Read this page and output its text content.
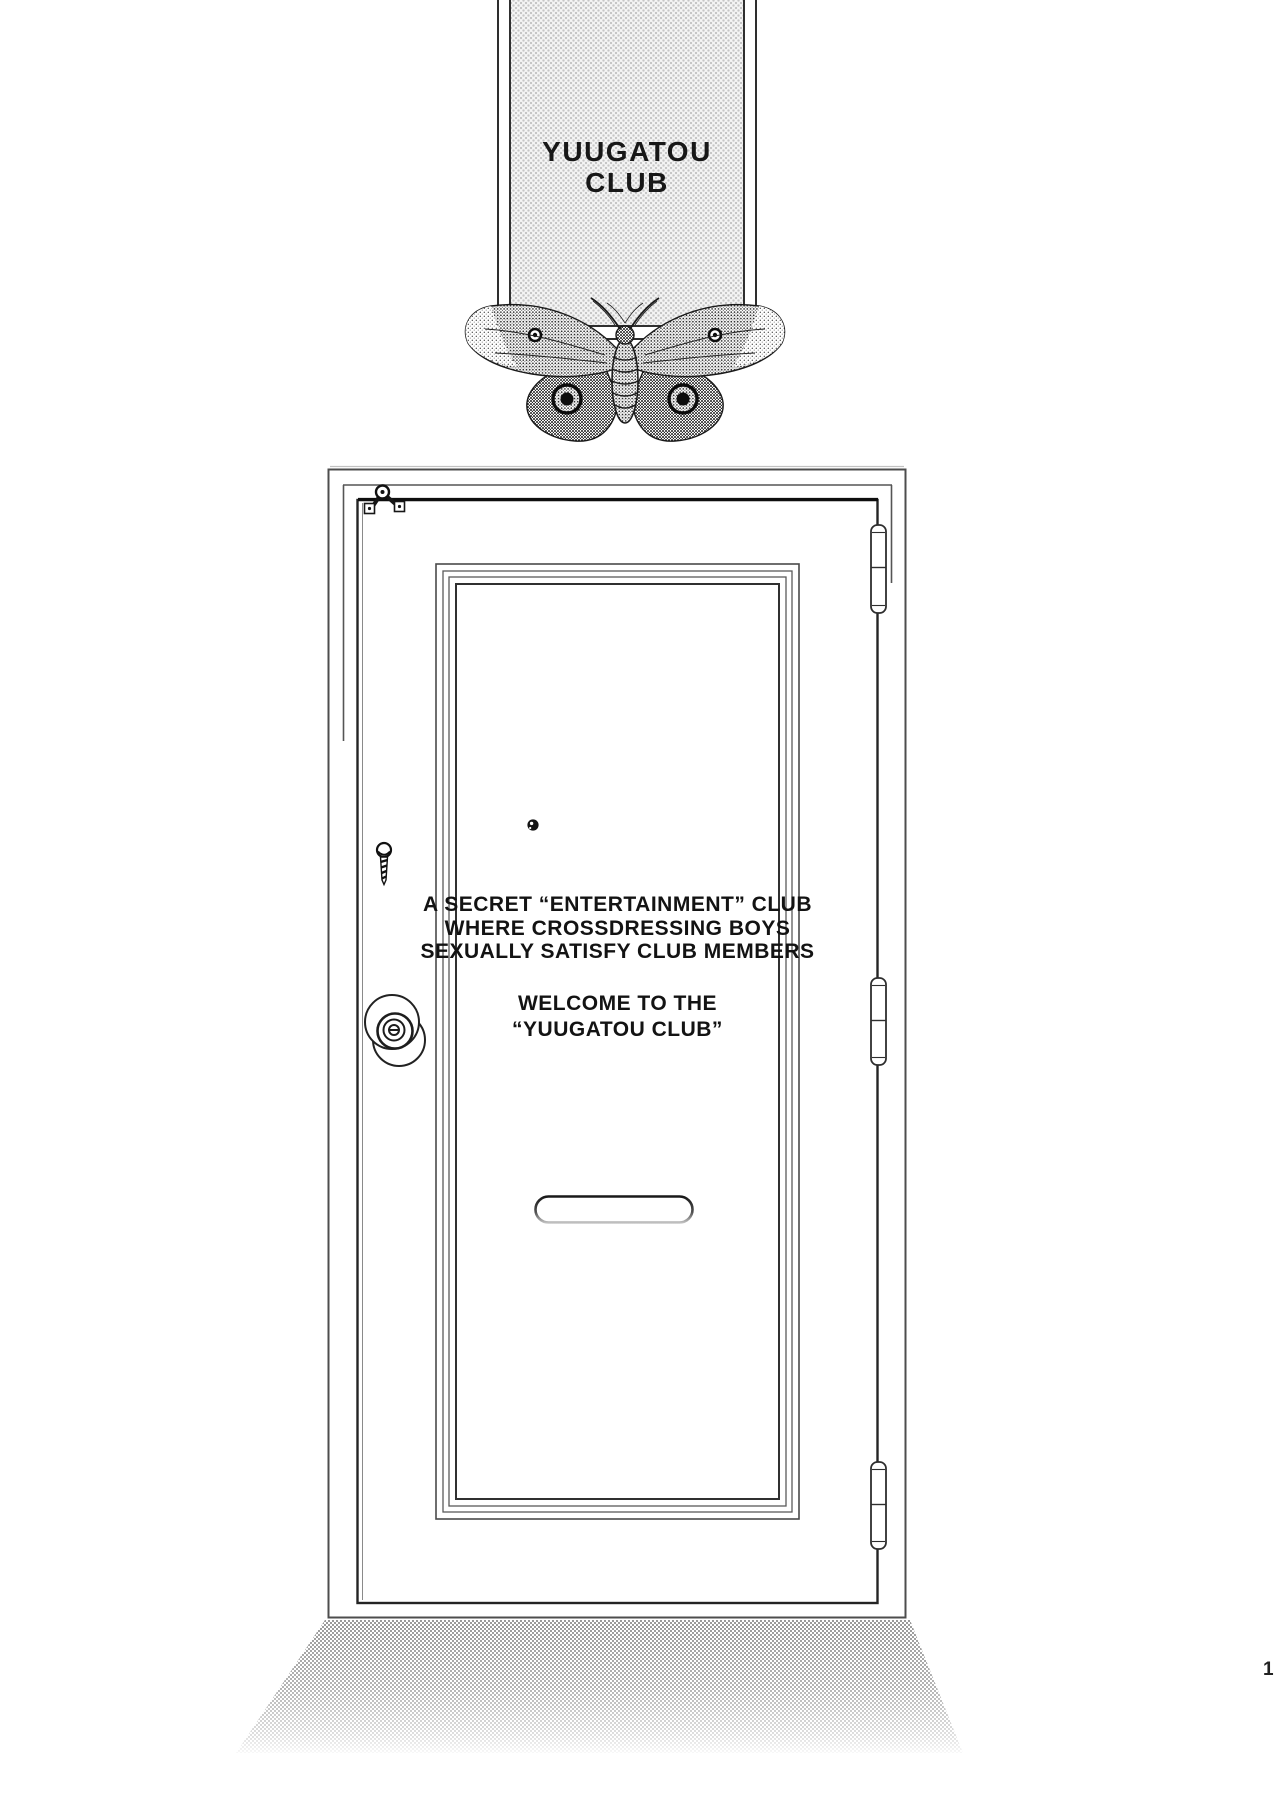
YUUGATOU
CLUB
A SECRET “ENTERTAINMENT” CLUB
WHERE CROSSDRESSING BOYS
SEXUALLY SATISFY CLUB MEMBERS
WELCOME TO THE
“YUUGATOU CLUB”
1
